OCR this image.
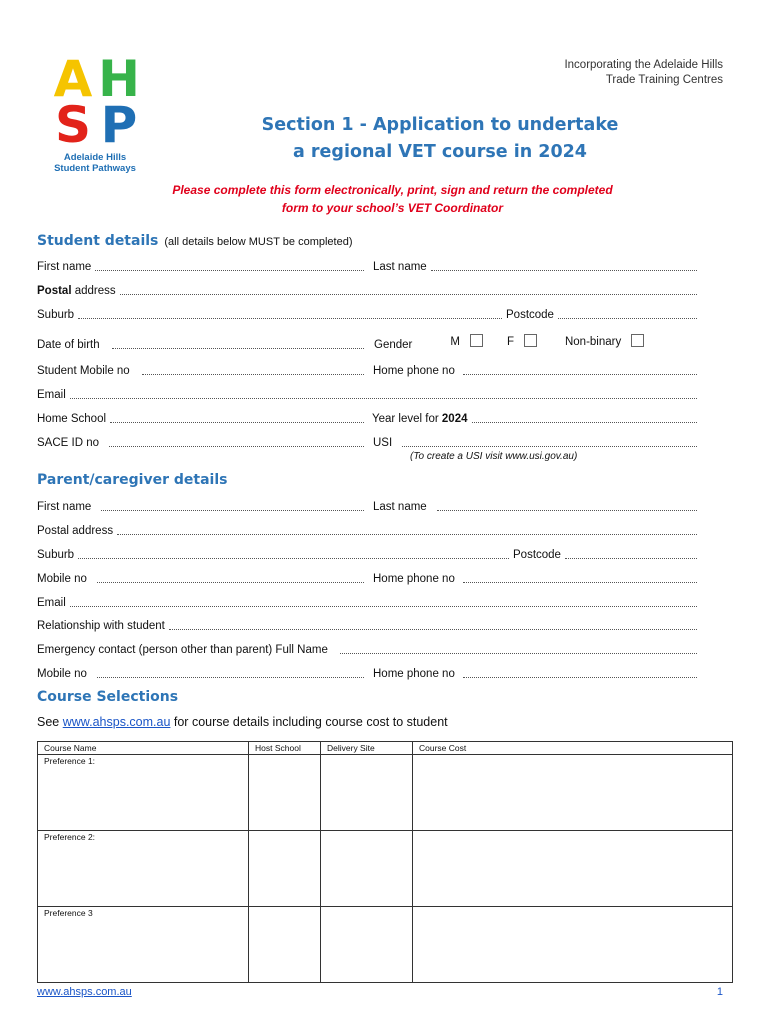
A H
S P
Adelaide Hills
Student Pathways
Incorporating the Adelaide Hills
Trade Training Centres
Section 1 - Application to undertake
a regional VET course in 2024
Please complete this form electronically, print, sign and return the completed
form to your school’s VET Coordinator
Student details (all details below MUST be completed)
First name	Last name
Postal address
Suburb	Postcode
Date of birth	Gender	M	F	Non-binary
Student Mobile no	Home phone no
Email
Home School	Year level for 2024
SACE ID no	USI
(To create a USI visit www.usi.gov.au)
Parent/caregiver details
First name	Last name
Postal address
Suburb	Postcode
Mobile no	Home phone no
Email
Relationship with student
Emergency contact (person other than parent) Full Name
Mobile no	Home phone no
Course Selections
See www.ahsps.com.au for course details including course cost to student
Course Name	Host School	Delivery Site	Course Cost
Preference 1:			
Preference 2:			
Preference 3			
www.ahsps.com.au	1
